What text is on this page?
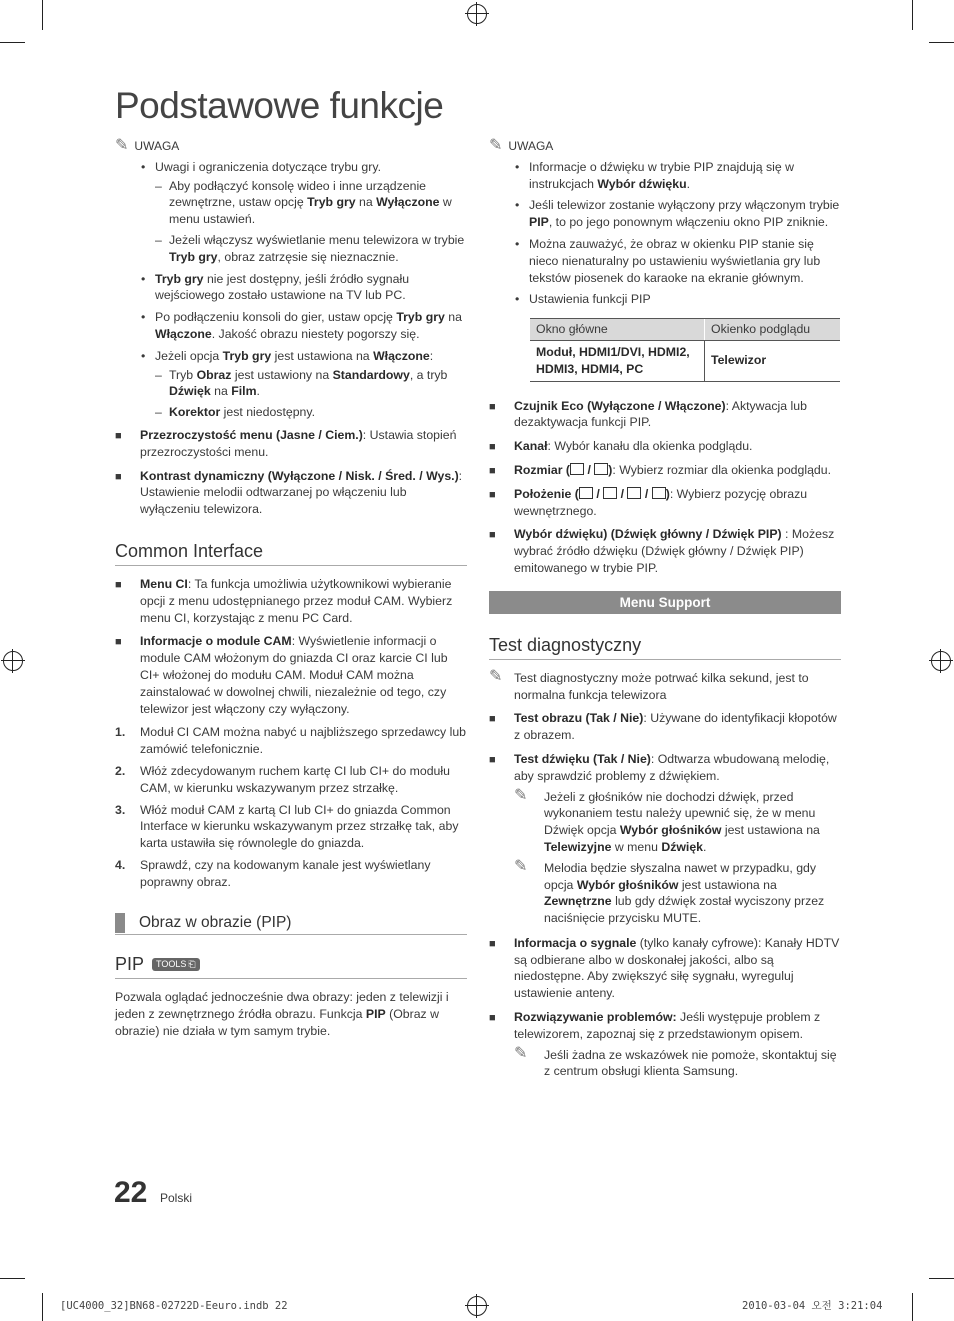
Podstawowe funkcje
✎ UWAGA
• Uwagi i ograniczenia dotyczące trybu gry.
– Aby podłączyć konsolę wideo i inne urządzenie zewnętrzne, ustaw opcję Tryb gry na Wyłączone w menu ustawień.
– Jeżeli włączysz wyświetlanie menu telewizora w trybie Tryb gry, obraz zatrzęsie się nieznacznie.
• Tryb gry nie jest dostępny, jeśli źródło sygnału wejściowego zostało ustawione na TV lub PC.
• Po podłączeniu konsoli do gier, ustaw opcję Tryb gry na Włączone. Jakość obrazu niestety pogorszy się.
• Jeżeli opcja Tryb gry jest ustawiona na Włączone:
– Tryb Obraz jest ustawiony na Standardowy, a tryb Dźwięk na Film.
– Korektor jest niedostępny.
■ Przezroczystość menu (Jasne / Ciem.): Ustawia stopień przezroczystości menu.
■ Kontrast dynamiczny (Wyłączone / Nisk. / Śred. / Wys.): Ustawienie melodii odtwarzanej po włączeniu lub wyłączeniu telewizora.
Common Interface
■ Menu CI: Ta funkcja umożliwia użytkownikowi wybieranie opcji z menu udostępnianego przez moduł CAM. Wybierz menu CI, korzystając z menu PC Card.
■ Informacje o module CAM: Wyświetlenie informacji o module CAM włożonym do gniazda CI oraz karcie CI lub CI+ włożonej do modułu CAM. Moduł CAM można zainstalować w dowolnej chwili, niezależnie od tego, czy telewizor jest włączony czy wyłączony.
1. Moduł CI CAM można nabyć u najbliższego sprzedawcy lub zamówić telefonicznie.
2. Włóż zdecydowanym ruchem kartę CI lub CI+ do modułu CAM, w kierunku wskazywanym przez strzałkę.
3. Włóż moduł CAM z kartą CI lub CI+ do gniazda Common Interface w kierunku wskazywanym przez strzałkę tak, aby karta ustawiła się równolegle do gniazda.
4. Sprawdź, czy na kodowanym kanale jest wyświetlany poprawny obraz.
Obraz w obrazie (PIP)
PIP TOOLS ⎗
Pozwala oglądać jednocześnie dwa obrazy: jeden z telewizji i jeden z zewnętrznego źródła obrazu. Funkcja PIP (Obraz w obrazie) nie działa w tym samym trybie.
✎ UWAGA
• Informacje o dźwięku w trybie PIP znajdują się w instrukcjach Wybór dźwięku.
• Jeśli telewizor zostanie wyłączony przy włączonym trybie PIP, to po jego ponownym włączeniu okno PIP zniknie.
• Można zauważyć, że obraz w okienku PIP stanie się nieco nienaturalny po ustawieniu wyświetlania gry lub tekstów piosenek do karaoke na ekranie głównym.
• Ustawienia funkcji PIP
Okno główne	Okienko podglądu
Moduł, HDMI1/DVI, HDMI2, HDMI3, HDMI4, PC	Telewizor
■ Czujnik Eco (Wyłączone / Włączone): Aktywacja lub dezaktywacja funkcji PIP.
■ Kanał: Wybór kanału dla okienka podglądu.
■ Rozmiar ( / ): Wybierz rozmiar dla okienka podglądu.
■ Położenie ( / / / ): Wybierz pozycję obrazu wewnętrznego.
■ Wybór dźwięku) (Dźwięk główny / Dźwięk PIP) : Możesz wybrać źródło dźwięku (Dźwięk główny / Dźwięk PIP) emitowanego w trybie PIP.
Menu Support
Test diagnostyczny
✎ Test diagnostyczny może potrwać kilka sekund, jest to normalna funkcja telewizora
■ Test obrazu (Tak / Nie): Używane do identyfikacji kłopotów z obrazem.
■ Test dźwięku (Tak / Nie): Odtwarza wbudowaną melodię, aby sprawdzić problemy z dźwiękiem.
✎ Jeżeli z głośników nie dochodzi dźwięk, przed wykonaniem testu należy upewnić się, że w menu Dźwięk opcja Wybór głośników jest ustawiona na Telewizyjne w menu Dźwięk.
✎ Melodia będzie słyszalna nawet w przypadku, gdy opcja Wybór głośników jest ustawiona na Zewnętrzne lub gdy dźwięk został wyciszony przez naciśnięcie przycisku MUTE.
■ Informacja o sygnale (tylko kanały cyfrowe): Kanały HDTV są odbierane albo w doskonałej jakości, albo są niedostępne. Aby zwiększyć siłę sygnału, wyreguluj ustawienie anteny.
■ Rozwiązywanie problemów: Jeśli występuje problem z telewizorem, zapoznaj się z przedstawionym opisem.
✎ Jeśli żadna ze wskazówek nie pomoże, skontaktuj się z centrum obsługi klienta Samsung.
22 Polski
[UC4000_32]BN68-02722D-Eeuro.indb 22	2010-03-04 오전 3:21:04
